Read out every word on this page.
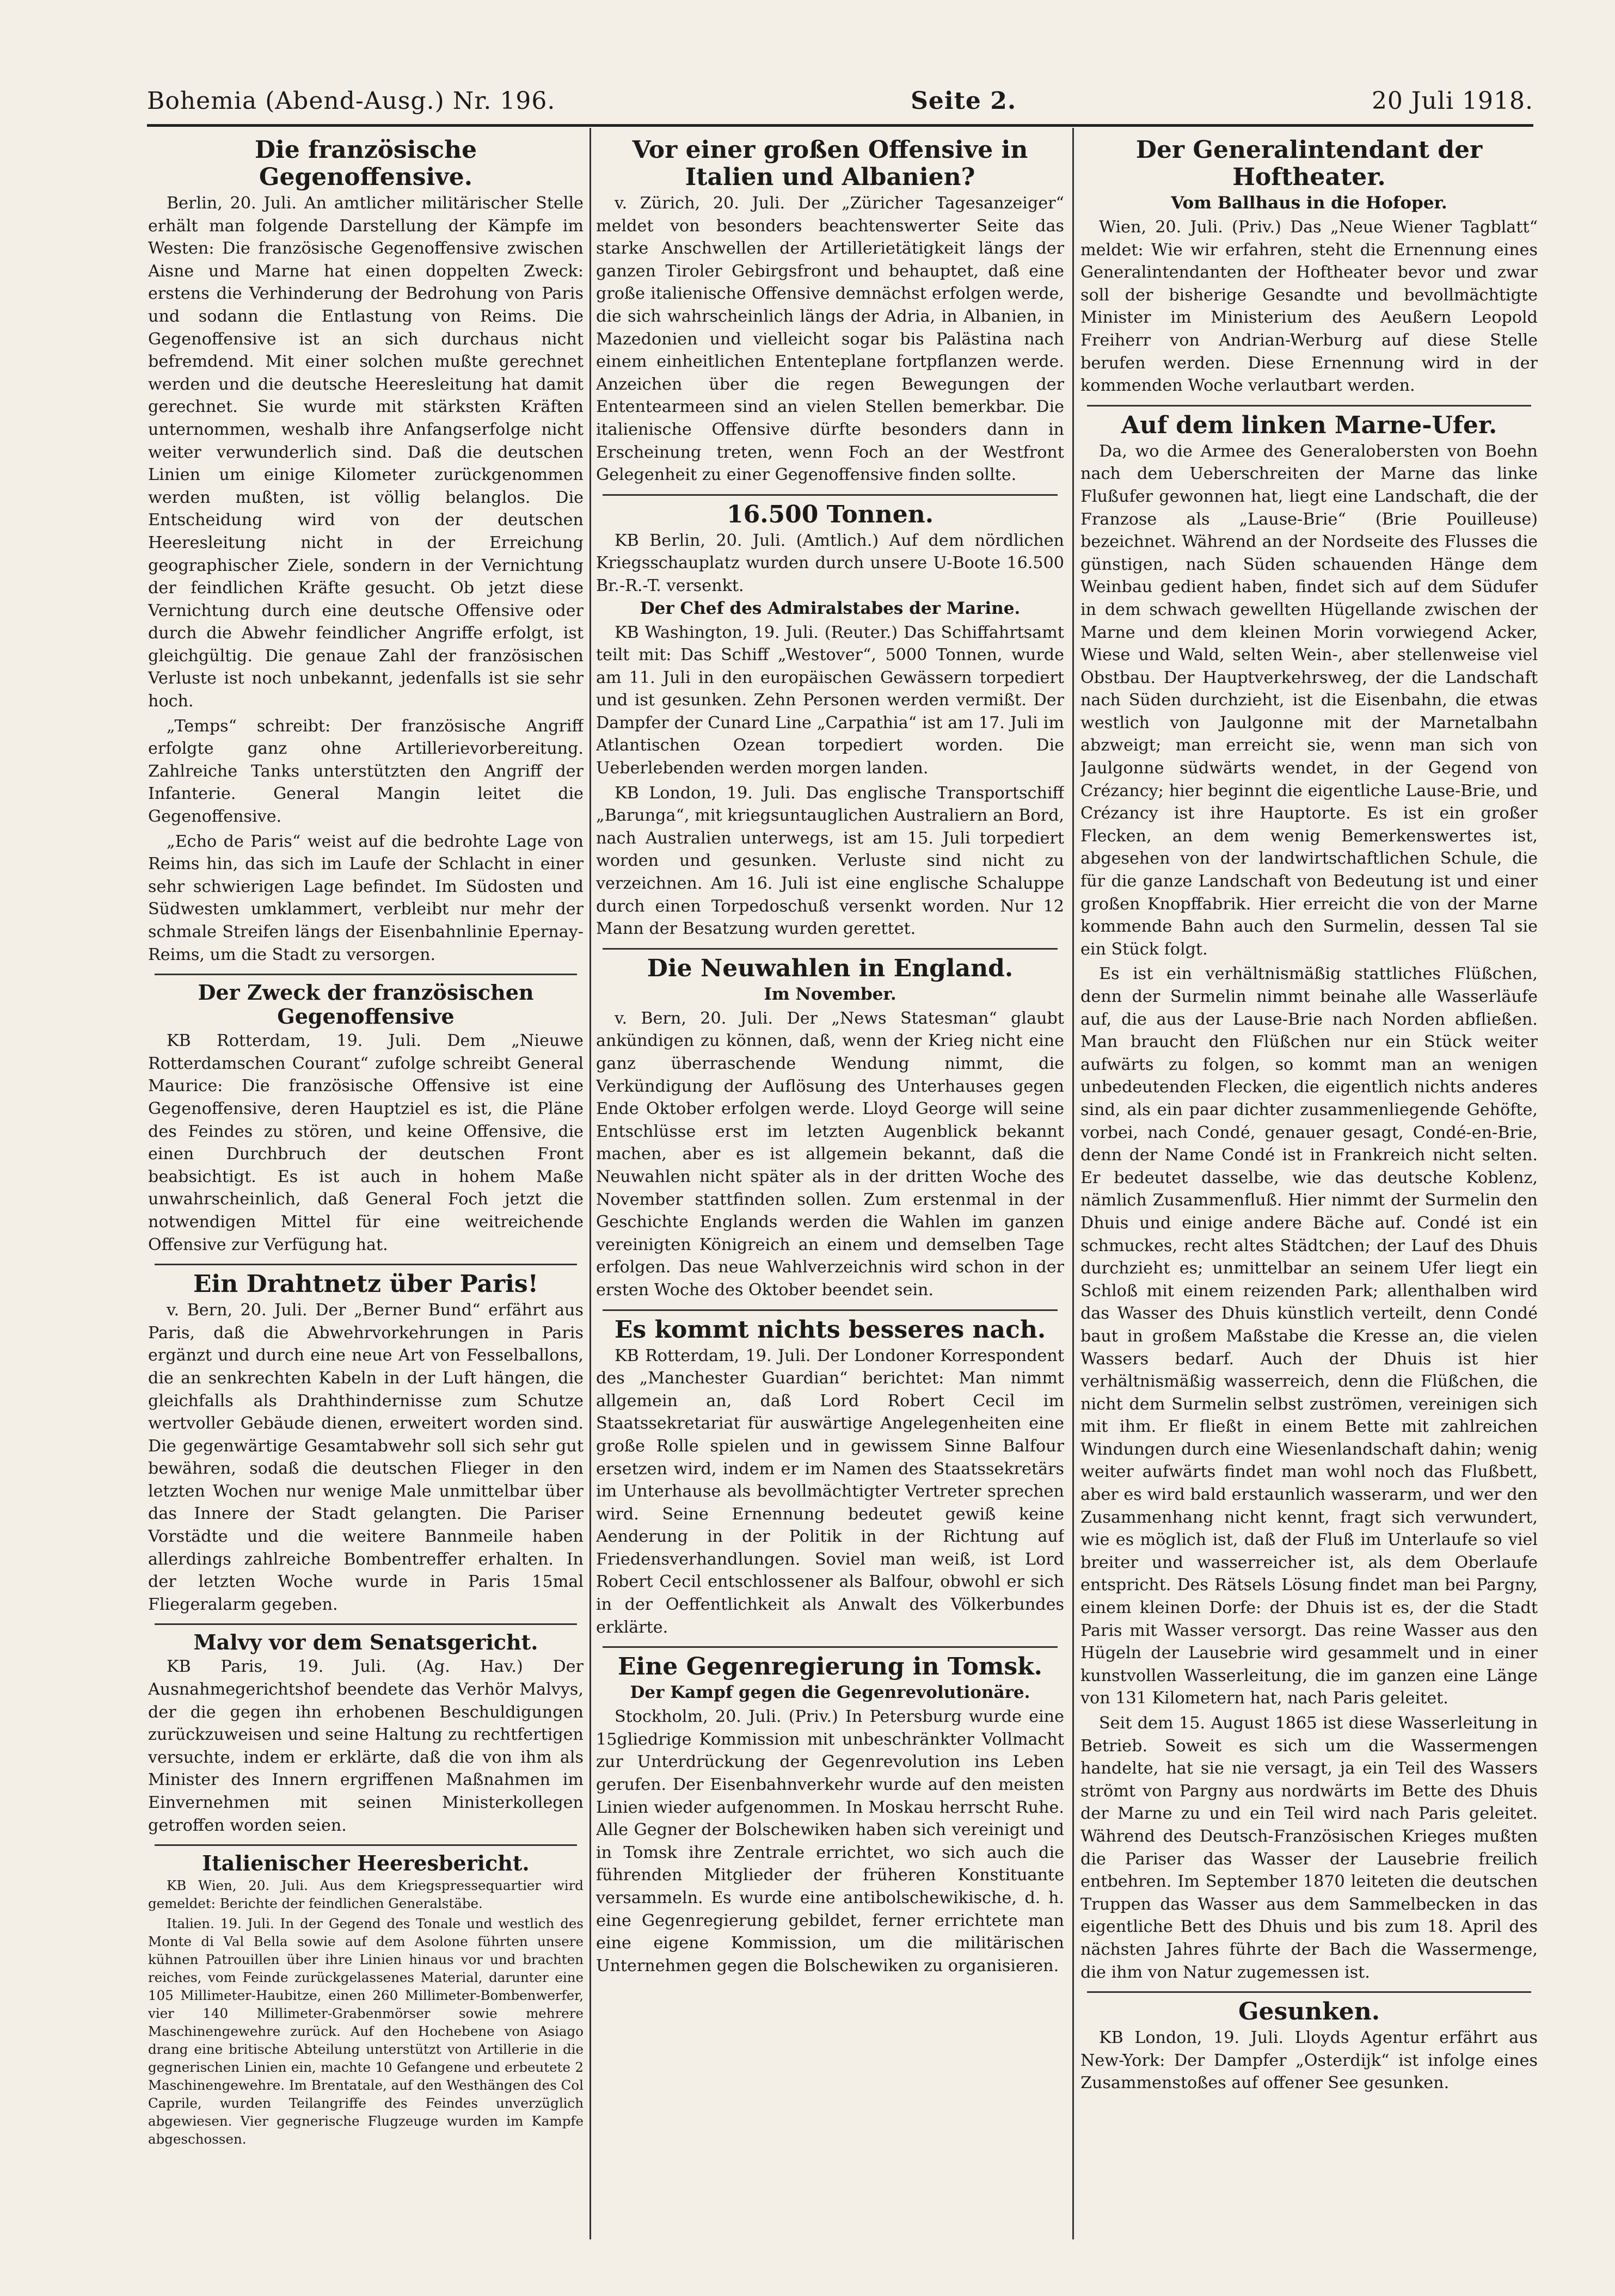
Bohemia (Abend-Ausg.) Nr. 196.	Seite 2.	20 Juli 1918.
Die französische Gegenoffensive.

Berlin, 20. Juli. An amtlicher militärischer Stelle erhält man folgende Darstellung der Kämpfe im Westen: Die französische Gegenoffensive zwischen Aisne und Marne hat einen doppelten Zweck: erstens die Verhinderung der Bedrohung von Paris und sodann die Entlastung von Reims. Die Gegenoffensive ist an sich durchaus nicht befremdend. Mit einer solchen mußte gerechnet werden und die deutsche Heeresleitung hat damit gerechnet. Sie wurde mit stärksten Kräften unternommen, weshalb ihre Anfangserfolge nicht weiter verwunderlich sind. Daß die deutschen Linien um einige Kilometer zurückgenommen werden mußten, ist völlig belanglos. Die Entscheidung wird von der deutschen Heeresleitung nicht in der Erreichung geographischer Ziele, sondern in der Vernichtung der feindlichen Kräfte gesucht. Ob jetzt diese Vernichtung durch eine deutsche Offensive oder durch die Abwehr feindlicher Angriffe erfolgt, ist gleichgültig. Die genaue Zahl der französischen Verluste ist noch unbekannt, jedenfalls ist sie sehr hoch.

„Temps“ schreibt: Der französische Angriff erfolgte ganz ohne Artillerievorbereitung. Zahlreiche Tanks unterstützten den Angriff der Infanterie. General Mangin leitet die Gegenoffensive.

„Echo de Paris“ weist auf die bedrohte Lage von Reims hin, das sich im Laufe der Schlacht in einer sehr schwierigen Lage befindet. Im Südosten und Südwesten umklammert, verbleibt nur mehr der schmale Streifen längs der Eisenbahnlinie Epernay-Reims, um die Stadt zu versorgen.

Der Zweck der französischen Gegenoffensive

KB Rotterdam, 19. Juli. Dem „Nieuwe Rotterdamschen Courant“ zufolge schreibt General Maurice: Die französische Offensive ist eine Gegenoffensive, deren Hauptziel es ist, die Pläne des Feindes zu stören, und keine Offensive, die einen Durchbruch der deutschen Front beabsichtigt. Es ist auch in hohem Maße unwahrscheinlich, daß General Foch jetzt die notwendigen Mittel für eine weitreichende Offensive zur Verfügung hat.

Ein Drahtnetz über Paris!

v. Bern, 20. Juli. Der „Berner Bund“ erfährt aus Paris, daß die Abwehrvorkehrungen in Paris ergänzt und durch eine neue Art von Fesselballons, die an senkrechten Kabeln in der Luft hängen, die gleichfalls als Drahthindernisse zum Schutze wertvoller Gebäude dienen, erweitert worden sind. Die gegenwärtige Gesamtabwehr soll sich sehr gut bewähren, sodaß die deutschen Flieger in den letzten Wochen nur wenige Male unmittelbar über das Innere der Stadt gelangten. Die Pariser Vorstädte und die weitere Bannmeile haben allerdings zahlreiche Bombentreffer erhalten. In der letzten Woche wurde in Paris 15mal Fliegeralarm gegeben.

Malvy vor dem Senatsgericht.

KB Paris, 19. Juli. (Ag. Hav.) Der Ausnahmegerichtshof beendete das Verhör Malvys, der die gegen ihn erhobenen Beschuldigungen zurückzuweisen und seine Haltung zu rechtfertigen versuchte, indem er erklärte, daß die von ihm als Minister des Innern ergriffenen Maßnahmen im Einvernehmen mit seinen Ministerkollegen getroffen worden seien.

Italienischer Heeresbericht.

KB Wien, 20. Juli. Aus dem Kriegspressequartier wird gemeldet: Berichte der feindlichen Generalstäbe.

Italien. 19. Juli. In der Gegend des Tonale und westlich des Monte di Val Bella sowie auf dem Asolone führten unsere kühnen Patrouillen über ihre Linien hinaus vor und brachten reiches, vom Feinde zurückgelassenes Material, darunter eine 105 Millimeter-Haubitze, einen 260 Millimeter-Bombenwerfer, vier 140 Millimeter-Grabenmörser sowie mehrere Maschinengewehre zurück. Auf den Hochebene von Asiago drang eine britische Abteilung unterstützt von Artillerie in die gegnerischen Linien ein, machte 10 Gefangene und erbeutete 2 Maschinengewehre. Im Brentatale, auf den Westhängen des Col Caprile, wurden Teilangriffe des Feindes unverzüglich abgewiesen. Vier gegnerische Flugzeuge wurden im Kampfe abgeschossen.

Vor einer großen Offensive in Italien und Albanien?

v. Zürich, 20. Juli. Der „Züricher Tagesanzeiger“ meldet von besonders beachtenswerter Seite das starke Anschwellen der Artillerietätigkeit längs der ganzen Tiroler Gebirgsfront und behauptet, daß eine große italienische Offensive demnächst erfolgen werde, die sich wahrscheinlich längs der Adria, in Albanien, in Mazedonien und vielleicht sogar bis Palästina nach einem einheitlichen Ententeplane fortpflanzen werde. Anzeichen über die regen Bewegungen der Ententearmeen sind an vielen Stellen bemerkbar. Die italienische Offensive dürfte besonders dann in Erscheinung treten, wenn Foch an der Westfront Gelegenheit zu einer Gegenoffensive finden sollte.

16.500 Tonnen.

KB Berlin, 20. Juli. (Amtlich.) Auf dem nördlichen Kriegsschauplatz wurden durch unsere U-Boote 16.500 Br.-R.-T. versenkt.

Der Chef des Admiralstabes der Marine.

KB Washington, 19. Juli. (Reuter.) Das Schiffahrtsamt teilt mit: Das Schiff „Westover“, 5000 Tonnen, wurde am 11. Juli in den europäischen Gewässern torpediert und ist gesunken. Zehn Personen werden vermißt. Der Dampfer der Cunard Line „Carpathia“ ist am 17. Juli im Atlantischen Ozean torpediert worden. Die Ueberlebenden werden morgen landen.

KB London, 19. Juli. Das englische Transportschiff „Barunga“, mit kriegsuntauglichen Australiern an Bord, nach Australien unterwegs, ist am 15. Juli torpediert worden und gesunken. Verluste sind nicht zu verzeichnen. Am 16. Juli ist eine englische Schaluppe durch einen Torpedoschuß versenkt worden. Nur 12 Mann der Besatzung wurden gerettet.

Die Neuwahlen in England.
Im November.

v. Bern, 20. Juli. Der „News Statesman“ glaubt ankündigen zu können, daß, wenn der Krieg nicht eine ganz überraschende Wendung nimmt, die Verkündigung der Auflösung des Unterhauses gegen Ende Oktober erfolgen werde. Lloyd George will seine Entschlüsse erst im letzten Augenblick bekannt machen, aber es ist allgemein bekannt, daß die Neuwahlen nicht später als in der dritten Woche des November stattfinden sollen. Zum erstenmal in der Geschichte Englands werden die Wahlen im ganzen vereinigten Königreich an einem und demselben Tage erfolgen. Das neue Wahlverzeichnis wird schon in der ersten Woche des Oktober beendet sein.

Es kommt nichts besseres nach.

KB Rotterdam, 19. Juli. Der Londoner Korrespondent des „Manchester Guardian“ berichtet: Man nimmt allgemein an, daß Lord Robert Cecil im Staatssekretariat für auswärtige Angelegenheiten eine große Rolle spielen und in gewissem Sinne Balfour ersetzen wird, indem er im Namen des Staatssekretärs im Unterhause als bevollmächtigter Vertreter sprechen wird. Seine Ernennung bedeutet gewiß keine Aenderung in der Politik in der Richtung auf Friedensverhandlungen. Soviel man weiß, ist Lord Robert Cecil entschlossener als Balfour, obwohl er sich in der Oeffentlichkeit als Anwalt des Völkerbundes erklärte.

Eine Gegenregierung in Tomsk.
Der Kampf gegen die Gegenrevolutionäre.

Stockholm, 20. Juli. (Priv.) In Petersburg wurde eine 15gliedrige Kommission mit unbeschränkter Vollmacht zur Unterdrückung der Gegenrevolution ins Leben gerufen. Der Eisenbahnverkehr wurde auf den meisten Linien wieder aufgenommen. In Moskau herrscht Ruhe. Alle Gegner der Bolschewiken haben sich vereinigt und in Tomsk ihre Zentrale errichtet, wo sich auch die führenden Mitglieder der früheren Konstituante versammeln. Es wurde eine antibolschewikische, d. h. eine Gegenregierung gebildet, ferner errichtete man eine eigene Kommission, um die militärischen Unternehmen gegen die Bolschewiken zu organisieren.

Der Generalintendant der Hoftheater.
Vom Ballhaus in die Hofoper.

Wien, 20. Juli. (Priv.) Das „Neue Wiener Tagblatt“ meldet: Wie wir erfahren, steht die Ernennung eines Generalintendanten der Hoftheater bevor und zwar soll der bisherige Gesandte und bevollmächtigte Minister im Ministerium des Aeußern Leopold Freiherr von Andrian-Werburg auf diese Stelle berufen werden. Diese Ernennung wird in der kommenden Woche verlautbart werden.

Auf dem linken Marne-Ufer.

Da, wo die Armee des Generalobersten von Boehn nach dem Ueberschreiten der Marne das linke Flußufer gewonnen hat, liegt eine Landschaft, die der Franzose als „Lause-Brie“ (Brie Pouilleuse) bezeichnet. Während an der Nordseite des Flusses die günstigen, nach Süden schauenden Hänge dem Weinbau gedient haben, findet sich auf dem Südufer in dem schwach gewellten Hügellande zwischen der Marne und dem kleinen Morin vorwiegend Acker, Wiese und Wald, selten Wein-, aber stellenweise viel Obstbau. Der Hauptverkehrsweg, der die Landschaft nach Süden durchzieht, ist die Eisenbahn, die etwas westlich von Jaulgonne mit der Marnetalbahn abzweigt; man erreicht sie, wenn man sich von Jaulgonne südwärts wendet, in der Gegend von Crézancy; hier beginnt die eigentliche Lause-Brie, und Crézancy ist ihre Hauptorte. Es ist ein großer Flecken, an dem wenig Bemerkenswertes ist, abgesehen von der landwirtschaftlichen Schule, die für die ganze Landschaft von Bedeutung ist und einer großen Knopffabrik. Hier erreicht die von der Marne kommende Bahn auch den Surmelin, dessen Tal sie ein Stück folgt.

Es ist ein verhältnismäßig stattliches Flüßchen, denn der Surmelin nimmt beinahe alle Wasserläufe auf, die aus der Lause-Brie nach Norden abfließen. Man braucht den Flüßchen nur ein Stück weiter aufwärts zu folgen, so kommt man an wenigen unbedeutenden Flecken, die eigentlich nichts anderes sind, als ein paar dichter zusammenliegende Gehöfte, vorbei, nach Condé, genauer gesagt, Condé-en-Brie, denn der Name Condé ist in Frankreich nicht selten. Er bedeutet dasselbe, wie das deutsche Koblenz, nämlich Zusammenfluß. Hier nimmt der Surmelin den Dhuis und einige andere Bäche auf. Condé ist ein schmuckes, recht altes Städtchen; der Lauf des Dhuis durchzieht es; unmittelbar an seinem Ufer liegt ein Schloß mit einem reizenden Park; allenthalben wird das Wasser des Dhuis künstlich verteilt, denn Condé baut in großem Maßstabe die Kresse an, die vielen Wassers bedarf. Auch der Dhuis ist hier verhältnismäßig wasserreich, denn die Flüßchen, die nicht dem Surmelin selbst zuströmen, vereinigen sich mit ihm. Er fließt in einem Bette mit zahlreichen Windungen durch eine Wiesenlandschaft dahin; wenig weiter aufwärts findet man wohl noch das Flußbett, aber es wird bald erstaunlich wasserarm, und wer den Zusammenhang nicht kennt, fragt sich verwundert, wie es möglich ist, daß der Fluß im Unterlaufe so viel breiter und wasserreicher ist, als dem Oberlaufe entspricht. Des Rätsels Lösung findet man bei Pargny, einem kleinen Dorfe: der Dhuis ist es, der die Stadt Paris mit Wasser versorgt. Das reine Wasser aus den Hügeln der Lausebrie wird gesammelt und in einer kunstvollen Wasserleitung, die im ganzen eine Länge von 131 Kilometern hat, nach Paris geleitet.

Seit dem 15. August 1865 ist diese Wasserleitung in Betrieb. Soweit es sich um die Wassermengen handelte, hat sie nie versagt, ja ein Teil des Wassers strömt von Pargny aus nordwärts im Bette des Dhuis der Marne zu und ein Teil wird nach Paris geleitet. Während des Deutsch-Französischen Krieges mußten die Pariser das Wasser der Lausebrie freilich entbehren. Im September 1870 leiteten die deutschen Truppen das Wasser aus dem Sammelbecken in das eigentliche Bett des Dhuis und bis zum 18. April des nächsten Jahres führte der Bach die Wassermenge, die ihm von Natur zugemessen ist.

Gesunken.

KB London, 19. Juli. Lloyds Agentur erfährt aus New-York: Der Dampfer „Osterdijk“ ist infolge eines Zusammenstoßes auf offener See gesunken.
